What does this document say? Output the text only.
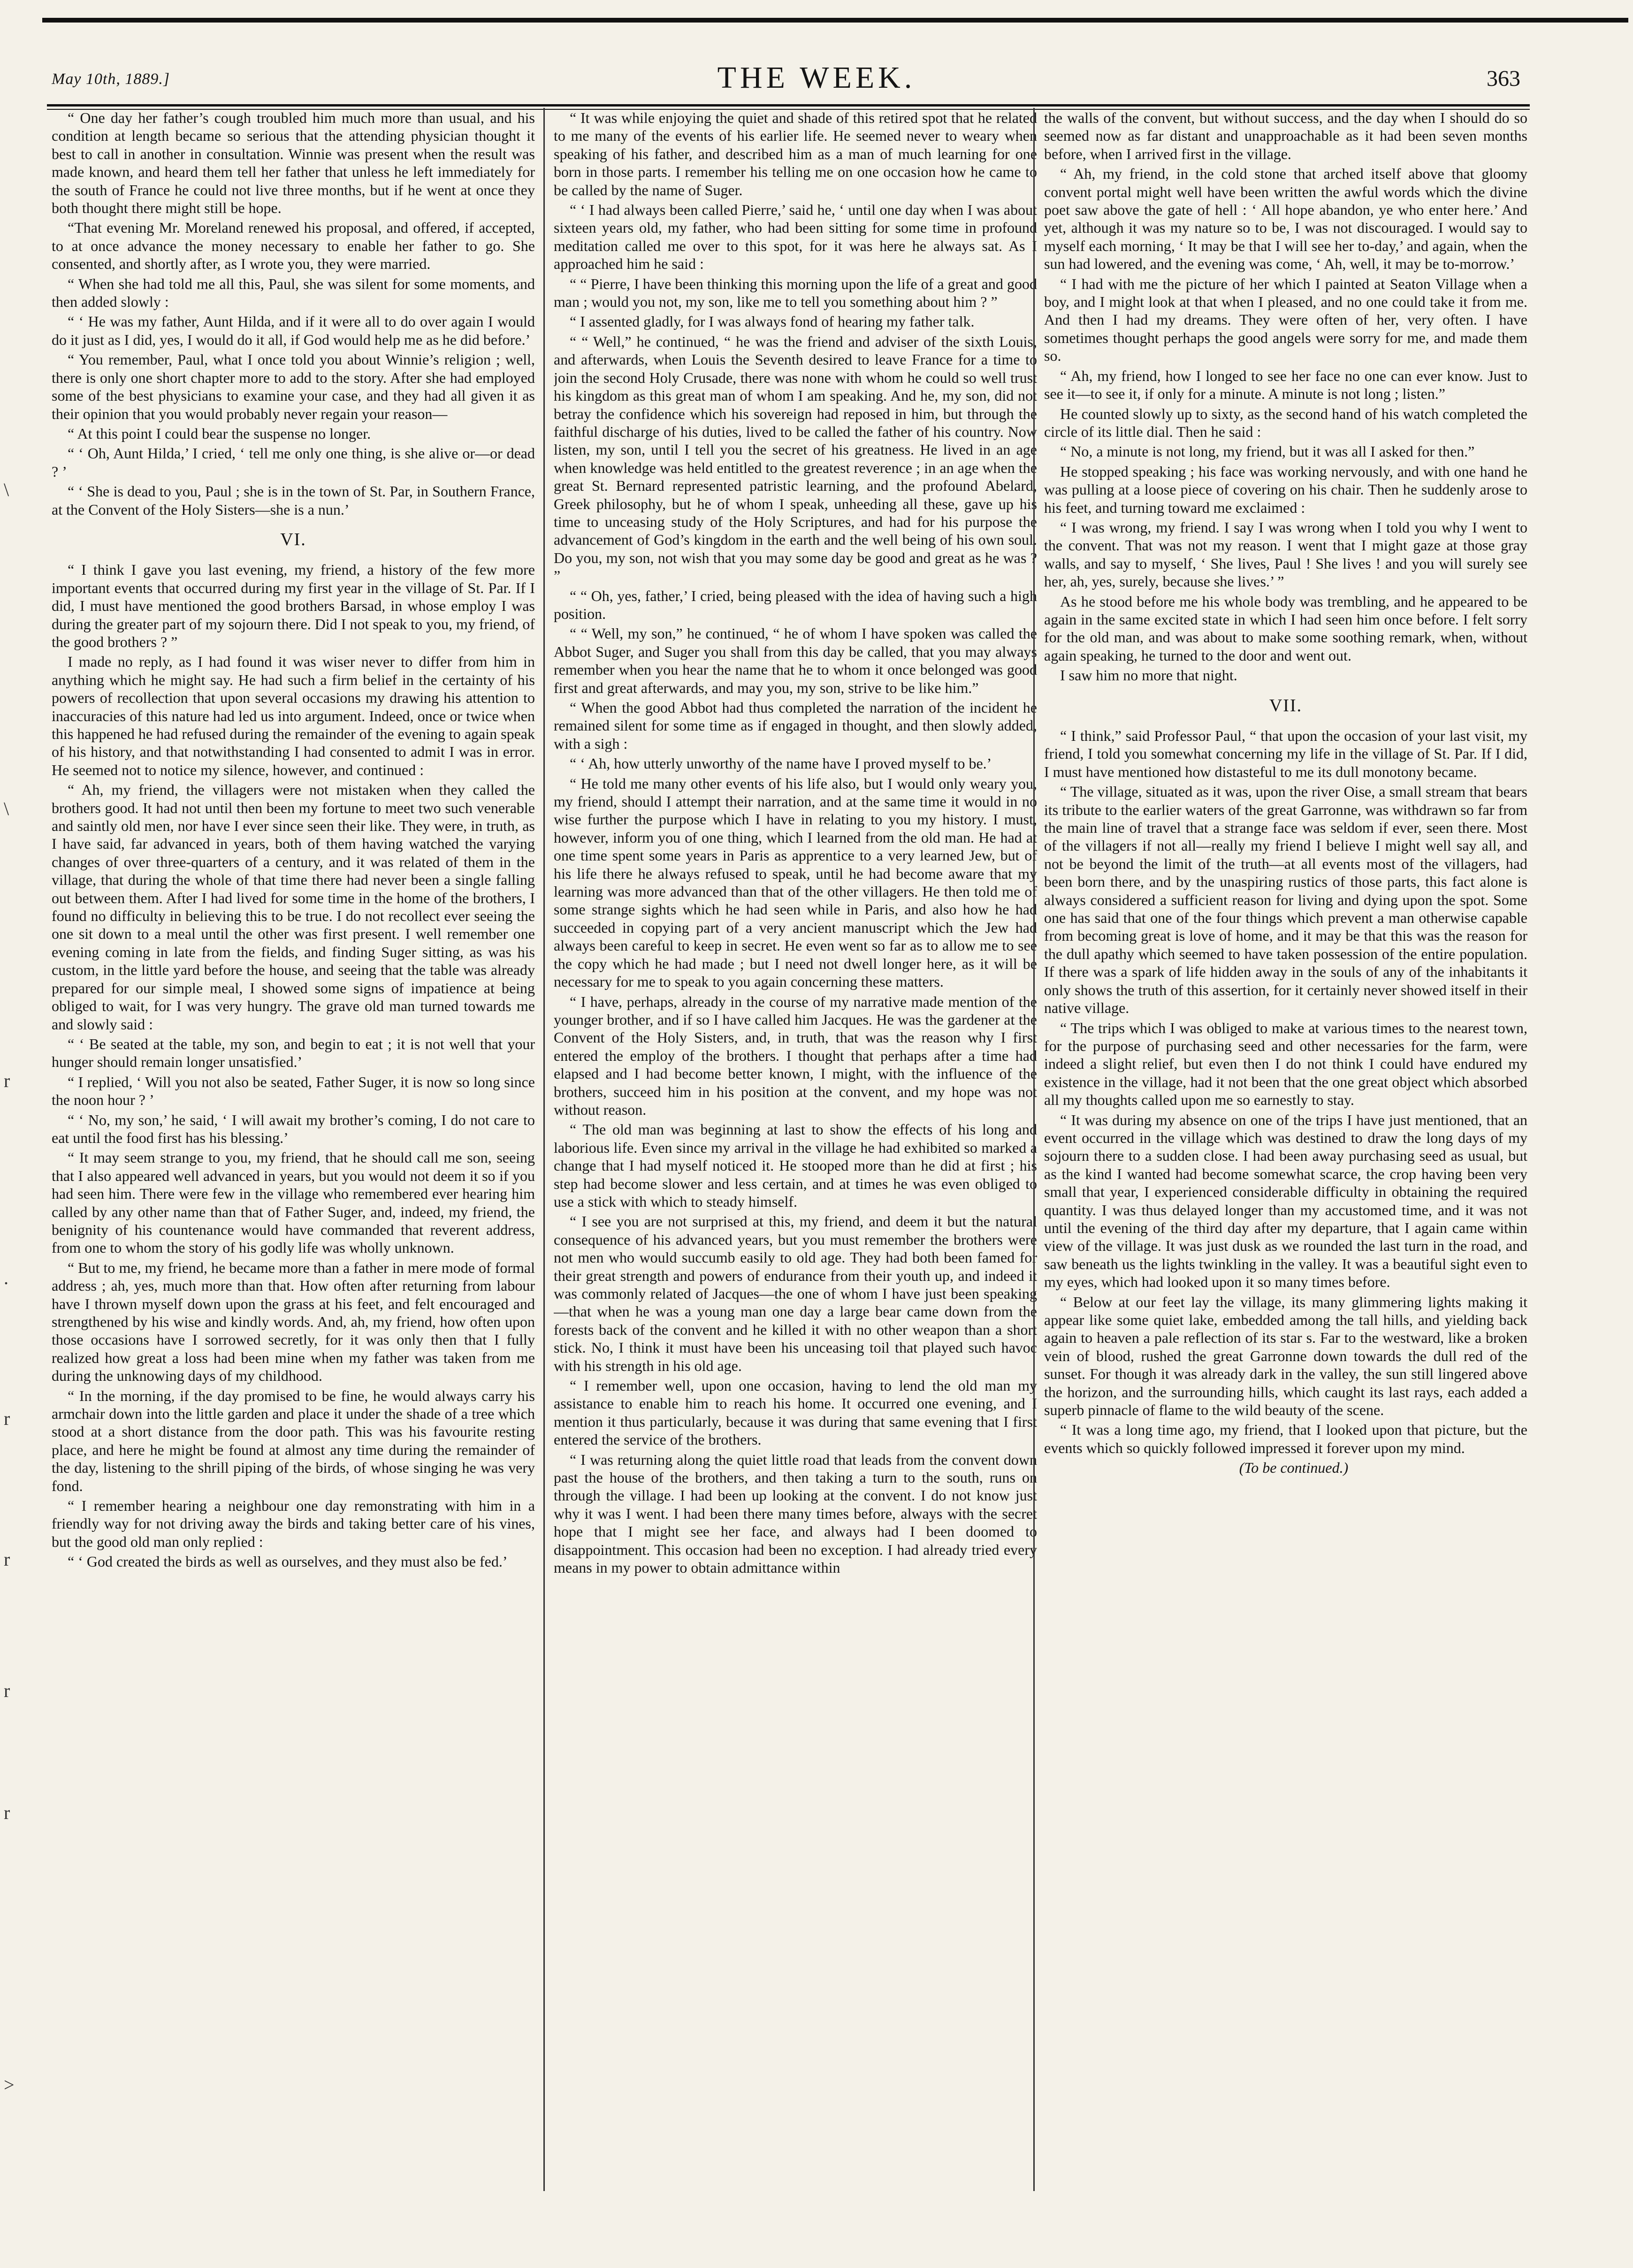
May 10th, 1889.]	THE WEEK.	363

“ One day her father’s cough troubled him much more than usual, and his condition at length became so serious that the attending physician thought it best to call in another in consultation. Winnie was present when the result was made known, and heard them tell her father that unless he left immediately for the south of France he could not live three months, but if he went at once they both thought there might still be hope.

“That evening Mr. Moreland renewed his proposal, and offered, if accepted, to at once advance the money necessary to enable her father to go. She consented, and shortly after, as I wrote you, they were married.

“ When she had told me all this, Paul, she was silent for some moments, and then added slowly :

“ ‘ He was my father, Aunt Hilda, and if it were all to do over again I would do it just as I did, yes, I would do it all, if God would help me as he did before.’

“ You remember, Paul, what I once told you about Winnie’s religion ; well, there is only one short chapter more to add to the story. After she had employed some of the best physicians to examine your case, and they had all given it as their opinion that you would probably never regain your reason—

“ At this point I could bear the suspense no longer.

“ ‘ Oh, Aunt Hilda,’ I cried, ‘ tell me only one thing, is she alive or—or dead ? ’

“ ‘ She is dead to you, Paul ; she is in the town of St. Par, in Southern France, at the Convent of the Holy Sisters—she is a nun.’

VI.

“ I think I gave you last evening, my friend, a history of the few more important events that occurred during my first year in the village of St. Par. If I did, I must have mentioned the good brothers Barsad, in whose employ I was during the greater part of my sojourn there. Did I not speak to you, my friend, of the good brothers ? ”

I made no reply, as I had found it was wiser never to differ from him in anything which he might say. He had such a firm belief in the certainty of his powers of recollection that upon several occasions my drawing his attention to inaccuracies of this nature had led us into argument. Indeed, once or twice when this happened he had refused during the remainder of the evening to again speak of his history, and that notwithstanding I had consented to admit I was in error. He seemed not to notice my silence, however, and continued :

“ Ah, my friend, the villagers were not mistaken when they called the brothers good. It had not until then been my fortune to meet two such venerable and saintly old men, nor have I ever since seen their like. They were, in truth, as I have said, far advanced in years, both of them having watched the varying changes of over three-quarters of a century, and it was related of them in the village, that during the whole of that time there had never been a single falling out between them. After I had lived for some time in the home of the brothers, I found no difficulty in believing this to be true. I do not recollect ever seeing the one sit down to a meal until the other was first present. I well remember one evening coming in late from the fields, and finding Suger sitting, as was his custom, in the little yard before the house, and seeing that the table was already prepared for our simple meal, I showed some signs of impatience at being obliged to wait, for I was very hungry. The grave old man turned towards me and slowly said :

“ ‘ Be seated at the table, my son, and begin to eat ; it is not well that your hunger should remain longer unsatisfied.’

“ I replied, ‘ Will you not also be seated, Father Suger, it is now so long since the noon hour ? ’

“ ‘ No, my son,’ he said, ‘ I will await my brother’s coming, I do not care to eat until the food first has his blessing.’

“ It may seem strange to you, my friend, that he should call me son, seeing that I also appeared well advanced in years, but you would not deem it so if you had seen him. There were few in the village who remembered ever hearing him called by any other name than that of Father Suger, and, indeed, my friend, the benignity of his countenance would have commanded that reverent address, from one to whom the story of his godly life was wholly unknown.

“ But to me, my friend, he became more than a father in mere mode of formal address ; ah, yes, much more than that. How often after returning from labour have I thrown myself down upon the grass at his feet, and felt encouraged and strengthened by his wise and kindly words. And, ah, my friend, how often upon those occasions have I sorrowed secretly, for it was only then that I fully realized how great a loss had been mine when my father was taken from me during the unknowing days of my childhood.

“ In the morning, if the day promised to be fine, he would always carry his armchair down into the little garden and place it under the shade of a tree which stood at a short distance from the door path. This was his favourite resting place, and here he might be found at almost any time during the remainder of the day, listening to the shrill piping of the birds, of whose singing he was very fond.

“ I remember hearing a neighbour one day remonstrating with him in a friendly way for not driving away the birds and taking better care of his vines, but the good old man only replied :

“ ‘ God created the birds as well as ourselves, and they must also be fed.’

“ It was while enjoying the quiet and shade of this retired spot that he related to me many of the events of his earlier life. He seemed never to weary when speaking of his father, and described him as a man of much learning for one born in those parts. I remember his telling me on one occasion how he came to be called by the name of Suger.

“ ‘ I had always been called Pierre,’ said he, ‘ until one day when I was about sixteen years old, my father, who had been sitting for some time in profound meditation called me over to this spot, for it was here he always sat. As I approached him he said :

“ “ Pierre, I have been thinking this morning upon the life of a great and good man ; would you not, my son, like me to tell you something about him ? ”

“ I assented gladly, for I was always fond of hearing my father talk.

“ “ Well,” he continued, “ he was the friend and adviser of the sixth Louis, and afterwards, when Louis the Seventh desired to leave France for a time to join the second Holy Crusade, there was none with whom he could so well trust his kingdom as this great man of whom I am speaking. And he, my son, did not betray the confidence which his sovereign had reposed in him, but through the faithful discharge of his duties, lived to be called the father of his country. Now listen, my son, until I tell you the secret of his greatness. He lived in an age when knowledge was held entitled to the greatest reverence ; in an age when the great St. Bernard represented patristic learning, and the profound Abelard, Greek philosophy, but he of whom I speak, unheeding all these, gave up his time to unceasing study of the Holy Scriptures, and had for his purpose the advancement of God’s kingdom in the earth and the well being of his own soul. Do you, my son, not wish that you may some day be good and great as he was ? ”

“ “ Oh, yes, father,’ I cried, being pleased with the idea of having such a high position.

“ “ Well, my son,” he continued, “ he of whom I have spoken was called the Abbot Suger, and Suger you shall from this day be called, that you may always remember when you hear the name that he to whom it once belonged was good first and great afterwards, and may you, my son, strive to be like him.”

“ When the good Abbot had thus completed the narration of the incident he remained silent for some time as if engaged in thought, and then slowly added, with a sigh :

“ ‘ Ah, how utterly unworthy of the name have I proved myself to be.’

“ He told me many other events of his life also, but I would only weary you, my friend, should I attempt their narration, and at the same time it would in no wise further the purpose which I have in relating to you my history. I must, however, inform you of one thing, which I learned from the old man. He had at one time spent some years in Paris as apprentice to a very learned Jew, but of his life there he always refused to speak, until he had become aware that my learning was more advanced than that of the other villagers. He then told me of some strange sights which he had seen while in Paris, and also how he had succeeded in copying part of a very ancient manuscript which the Jew had always been careful to keep in secret. He even went so far as to allow me to see the copy which he had made ; but I need not dwell longer here, as it will be necessary for me to speak to you again concerning these matters.

“ I have, perhaps, already in the course of my narrative made mention of the younger brother, and if so I have called him Jacques. He was the gardener at the Convent of the Holy Sisters, and, in truth, that was the reason why I first entered the employ of the brothers. I thought that perhaps after a time had elapsed and I had become better known, I might, with the influence of the brothers, succeed him in his position at the convent, and my hope was not without reason.

“ The old man was beginning at last to show the effects of his long and laborious life. Even since my arrival in the village he had exhibited so marked a change that I had myself noticed it. He stooped more than he did at first ; his step had become slower and less certain, and at times he was even obliged to use a stick with which to steady himself.

“ I see you are not surprised at this, my friend, and deem it but the natural consequence of his advanced years, but you must remember the brothers were not men who would succumb easily to old age. They had both been famed for their great strength and powers of endurance from their youth up, and indeed it was commonly related of Jacques—the one of whom I have just been speaking—that when he was a young man one day a large bear came down from the forests back of the convent and he killed it with no other weapon than a short stick. No, I think it must have been his unceasing toil that played such havoc with his strength in his old age.

“ I remember well, upon one occasion, having to lend the old man my assistance to enable him to reach his home. It occurred one evening, and I mention it thus particularly, because it was during that same evening that I first entered the service of the brothers.

“ I was returning along the quiet little road that leads from the convent down past the house of the brothers, and then taking a turn to the south, runs on through the village. I had been up looking at the convent. I do not know just why it was I went. I had been there many times before, always with the secret hope that I might see her face, and always had I been doomed to disappointment. This occasion had been no exception. I had already tried every means in my power to obtain admittance within

the walls of the convent, but without success, and the day when I should do so seemed now as far distant and unapproachable as it had been seven months before, when I arrived first in the village.

“ Ah, my friend, in the cold stone that arched itself above that gloomy convent portal might well have been written the awful words which the divine poet saw above the gate of hell : ‘ All hope abandon, ye who enter here.’ And yet, although it was my nature so to be, I was not discouraged. I would say to myself each morning, ‘ It may be that I will see her to-day,’ and again, when the sun had lowered, and the evening was come, ‘ Ah, well, it may be to-morrow.’

“ I had with me the picture of her which I painted at Seaton Village when a boy, and I might look at that when I pleased, and no one could take it from me. And then I had my dreams. They were often of her, very often. I have sometimes thought perhaps the good angels were sorry for me, and made them so.

“ Ah, my friend, how I longed to see her face no one can ever know. Just to see it—to see it, if only for a minute. A minute is not long ; listen.”

He counted slowly up to sixty, as the second hand of his watch completed the circle of its little dial. Then he said :

“ No, a minute is not long, my friend, but it was all I asked for then.”

He stopped speaking ; his face was working nervously, and with one hand he was pulling at a loose piece of covering on his chair. Then he suddenly arose to his feet, and turning toward me exclaimed :

“ I was wrong, my friend. I say I was wrong when I told you why I went to the convent. That was not my reason. I went that I might gaze at those gray walls, and say to myself, ‘ She lives, Paul ! She lives ! and you will surely see her, ah, yes, surely, because she lives.’ ”

As he stood before me his whole body was trembling, and he appeared to be again in the same excited state in which I had seen him once before. I felt sorry for the old man, and was about to make some soothing remark, when, without again speaking, he turned to the door and went out.

I saw him no more that night.

VII.

“ I think,” said Professor Paul, “ that upon the occasion of your last visit, my friend, I told you somewhat concerning my life in the village of St. Par. If I did, I must have mentioned how distasteful to me its dull monotony became.

“ The village, situated as it was, upon the river Oise, a small stream that bears its tribute to the earlier waters of the great Garronne, was withdrawn so far from the main line of travel that a strange face was seldom if ever, seen there. Most of the villagers if not all—really my friend I believe I might well say all, and not be beyond the limit of the truth—at all events most of the villagers, had been born there, and by the unaspiring rustics of those parts, this fact alone is always considered a sufficient reason for living and dying upon the spot. Some one has said that one of the four things which prevent a man otherwise capable from becoming great is love of home, and it may be that this was the reason for the dull apathy which seemed to have taken possession of the entire population. If there was a spark of life hidden away in the souls of any of the inhabitants it only shows the truth of this assertion, for it certainly never showed itself in their native village.

“ The trips which I was obliged to make at various times to the nearest town, for the purpose of purchasing seed and other necessaries for the farm, were indeed a slight relief, but even then I do not think I could have endured my existence in the village, had it not been that the one great object which absorbed all my thoughts called upon me so earnestly to stay.

“ It was during my absence on one of the trips I have just mentioned, that an event occurred in the village which was destined to draw the long days of my sojourn there to a sudden close. I had been away purchasing seed as usual, but as the kind I wanted had become somewhat scarce, the crop having been very small that year, I experienced considerable difficulty in obtaining the required quantity. I was thus delayed longer than my accustomed time, and it was not until the evening of the third day after my departure, that I again came within view of the village. It was just dusk as we rounded the last turn in the road, and saw beneath us the lights twinkling in the valley. It was a beautiful sight even to my eyes, which had looked upon it so many times before.

“ Below at our feet lay the village, its many glimmering lights making it appear like some quiet lake, embedded among the tall hills, and yielding back again to heaven a pale reflection of its star s. Far to the westward, like a broken vein of blood, rushed the great Garronne down towards the dull red of the sunset. For though it was already dark in the valley, the sun still lingered above the horizon, and the surrounding hills, which caught its last rays, each added a superb pinnacle of flame to the wild beauty of the scene.

“ It was a long time ago, my friend, that I looked upon that picture, but the events which so quickly followed impressed it forever upon my mind.

(To be continued.)

\
\
r
.
r
r
r
r
>
